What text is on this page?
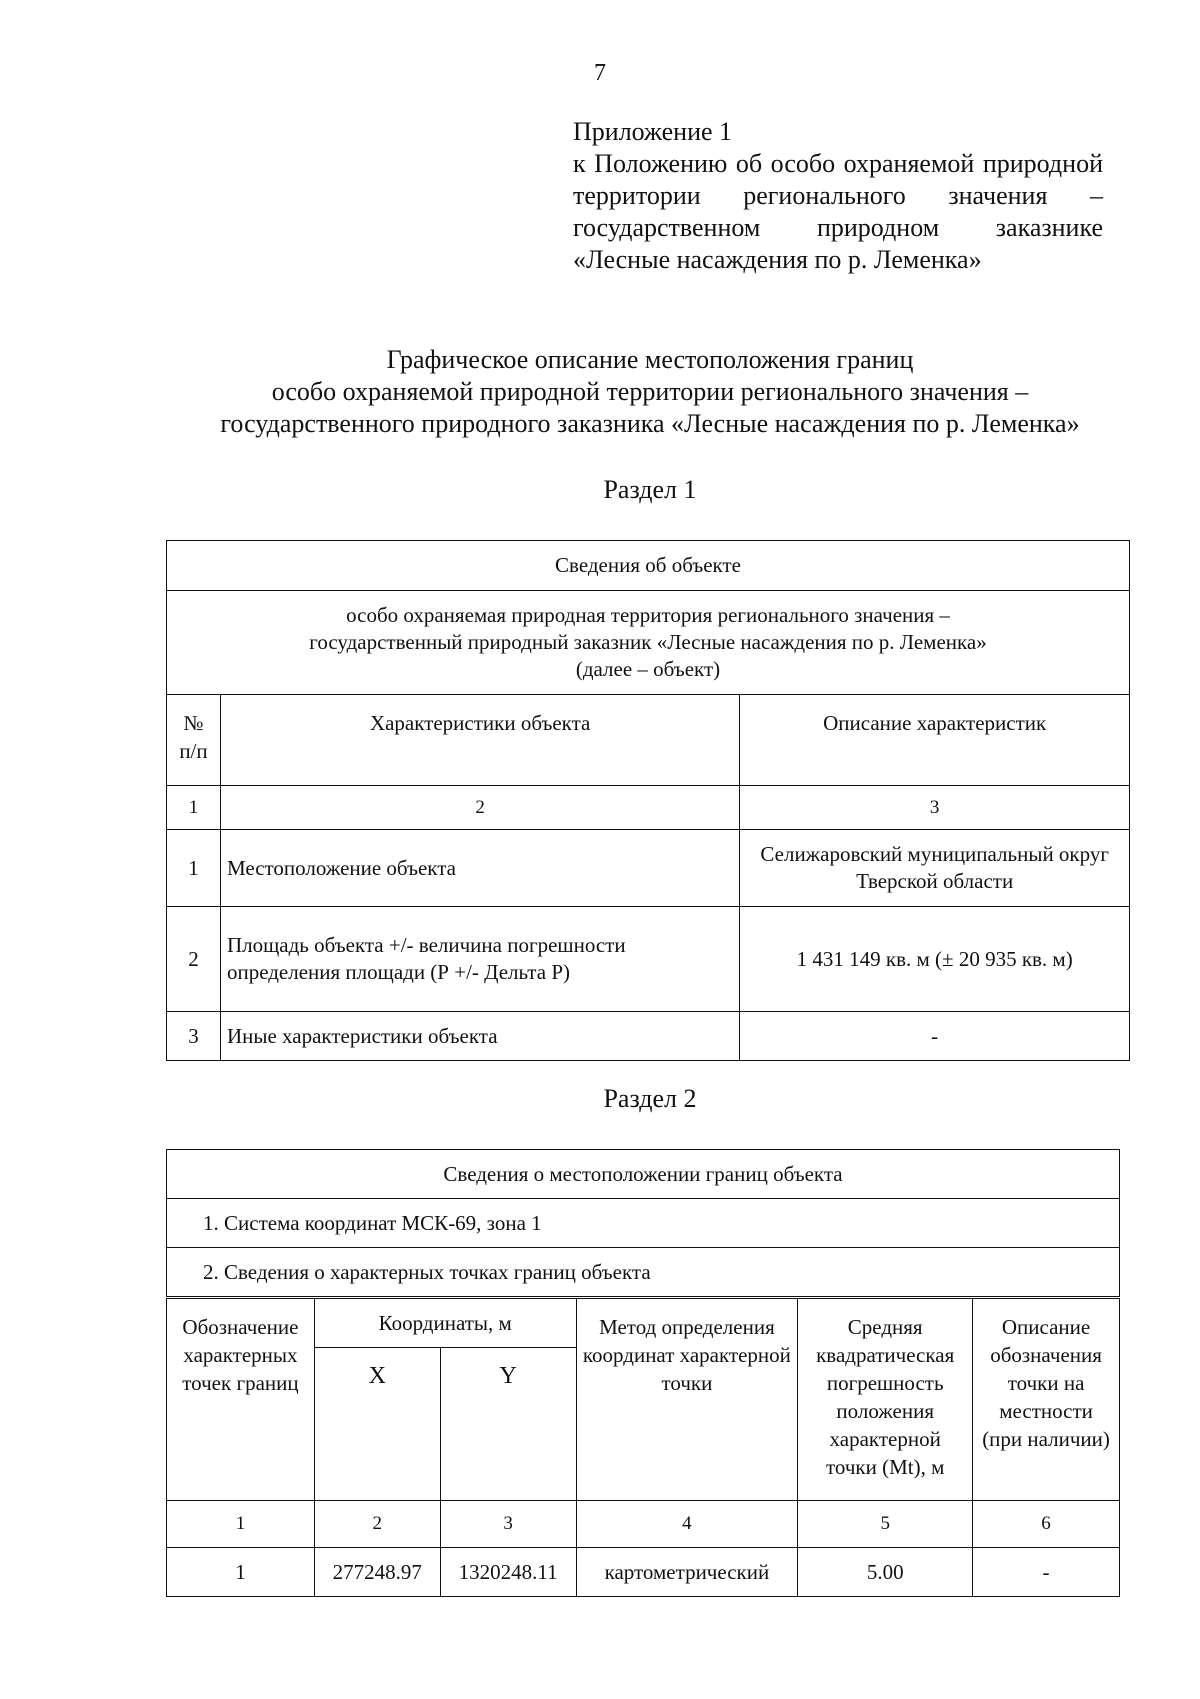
7
Приложение 1
к Положению об особо охраняемой природной территории регионального значения – государственном природном заказнике «Лесные насаждения по р. Леменка»
Графическое описание местоположения границ
особо охраняемой природной территории регионального значения –
государственного природного заказника «Лесные насаждения по р. Леменка»
Раздел 1
Сведения об объекте		

особо охраняемая природная территория регионального значения –
государственный природный заказник «Лесные насаждения по р. Леменка»
(далее – объект)		

№ п/п	Характеристики объекта	Описание характеристик
1	2	3
1	Местоположение объекта	Селижаровский муниципальный округ Тверской области
2	Площадь объекта +/- величина погрешности определения площади (Р +/- Дельта Р)	1 431 149 кв. м (± 20 935 кв. м)
3	Иные характеристики объекта	-
Раздел 2
Сведения о местоположении границ объекта
1. Система координат МСК-69, зона 1
2. Сведения о характерных точках границ объекта
Обозначение характерных точек границ	Координаты, м		Метод определения координат характерной точки	Средняя квадратическая погрешность положения характерной точки (Mt), м	Описание обозначения точки на местности (при наличии)
	X	Y			
1	2	3	4	5	6
1	277248.97	1320248.11	картометрический	5.00	-
